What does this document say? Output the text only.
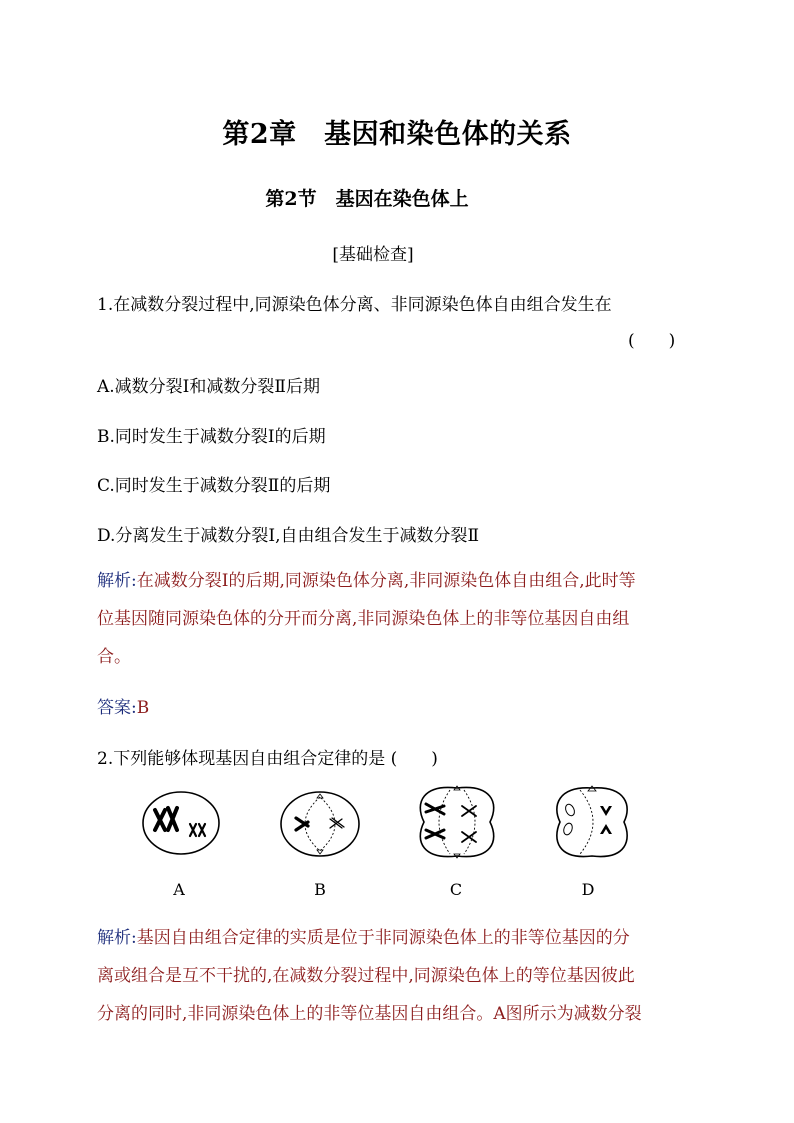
第2章　基因和染色体的关系
第2节　基因在染色体上
[基础检查]
1.在减数分裂过程中,同源染色体分离、非同源染色体自由组合发生在
(　　)
A.减数分裂Ⅰ和减数分裂Ⅱ后期
B.同时发生于减数分裂Ⅰ的后期
C.同时发生于减数分裂Ⅱ的后期
D.分离发生于减数分裂Ⅰ,自由组合发生于减数分裂Ⅱ
解析:在减数分裂Ⅰ的后期,同源染色体分离,非同源染色体自由组合,此时等
位基因随同源染色体的分开而分离,非同源染色体上的非等位基因自由组
合。
答案:B
2.下列能够体现基因自由组合定律的是 (　　)
A	B	C	D
解析:基因自由组合定律的实质是位于非同源染色体上的非等位基因的分
离或组合是互不干扰的,在减数分裂过程中,同源染色体上的等位基因彼此
分离的同时,非同源染色体上的非等位基因自由组合。A图所示为减数分裂
